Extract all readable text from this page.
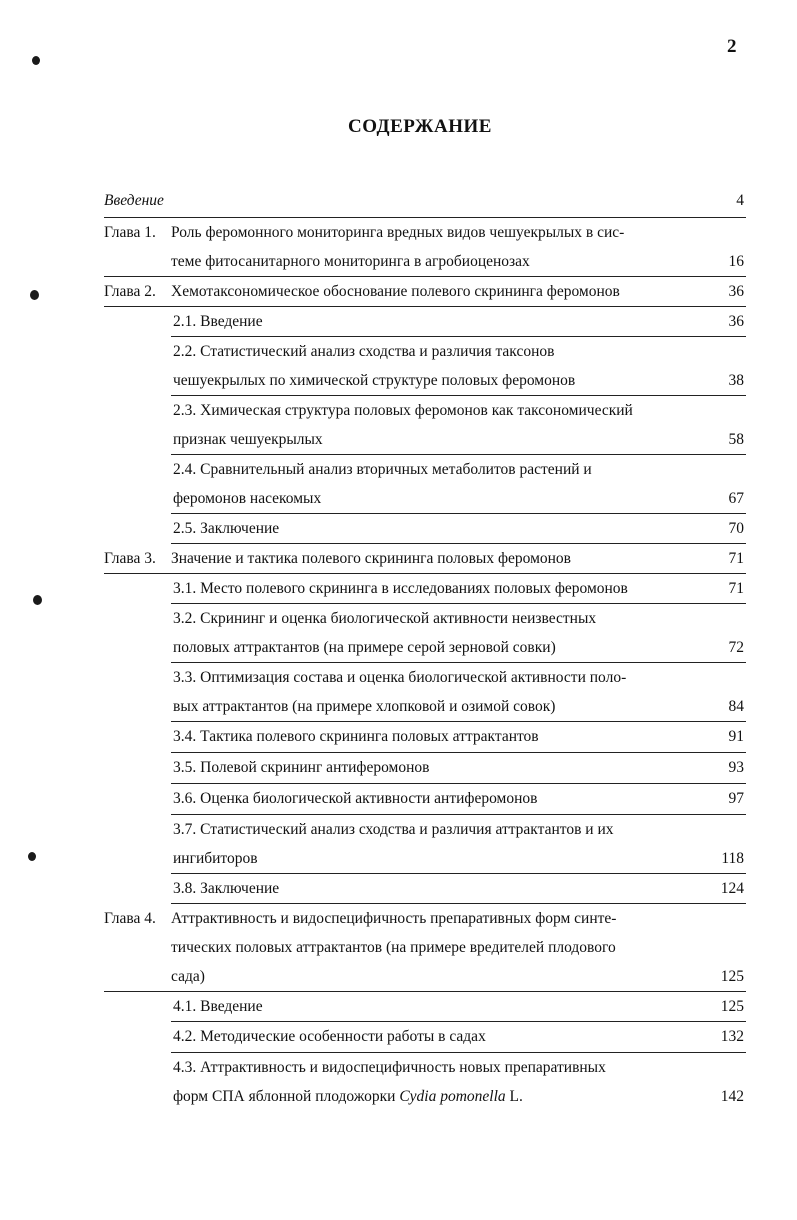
2
СОДЕРЖАНИЕ
Введение	4
Глава 1. Роль феромонного мониторинга вредных видов чешуекрылых в сис-
теме фитосанитарного мониторинга в агробиоценозах	16
Глава 2. Хемотаксономическое обоснование полевого скрининга феромонов	36
2.1. Введение	36
2.2. Статистический анализ сходства и различия таксонов
чешуекрылых по химической структуре половых феромонов	38
2.3. Химическая структура половых феромонов как таксономический
признак чешуекрылых	58
2.4. Сравнительный анализ вторичных метаболитов растений и
феромонов насекомых	67
2.5. Заключение	70
Глава 3. Значение и тактика полевого скрининга половых феромонов	71
3.1. Место полевого скрининга в исследованиях половых феромонов	71
3.2. Скрининг и оценка биологической активности неизвестных
половых аттрактантов (на примере серой зерновой совки)	72
3.3. Оптимизация состава и оценка биологической активности поло-
вых аттрактантов (на примере хлопковой и озимой совок)	84
3.4. Тактика полевого скрининга половых аттрактантов	91
3.5. Полевой скрининг антиферомонов	93
3.6. Оценка биологической активности антиферомонов	97
3.7. Статистический анализ сходства и различия аттрактантов и их
ингибиторов	118
3.8. Заключение	124
Глава 4. Аттрактивность и видоспецифичность препаративных форм синте-
тических половых аттрактантов (на примере вредителей плодового
сада)	125
4.1. Введение	125
4.2. Методические особенности работы в садах	132
4.3. Аттрактивность и видоспецифичность новых препаративных
форм СПА яблонной плодожорки Cydia pomonella L.	142
